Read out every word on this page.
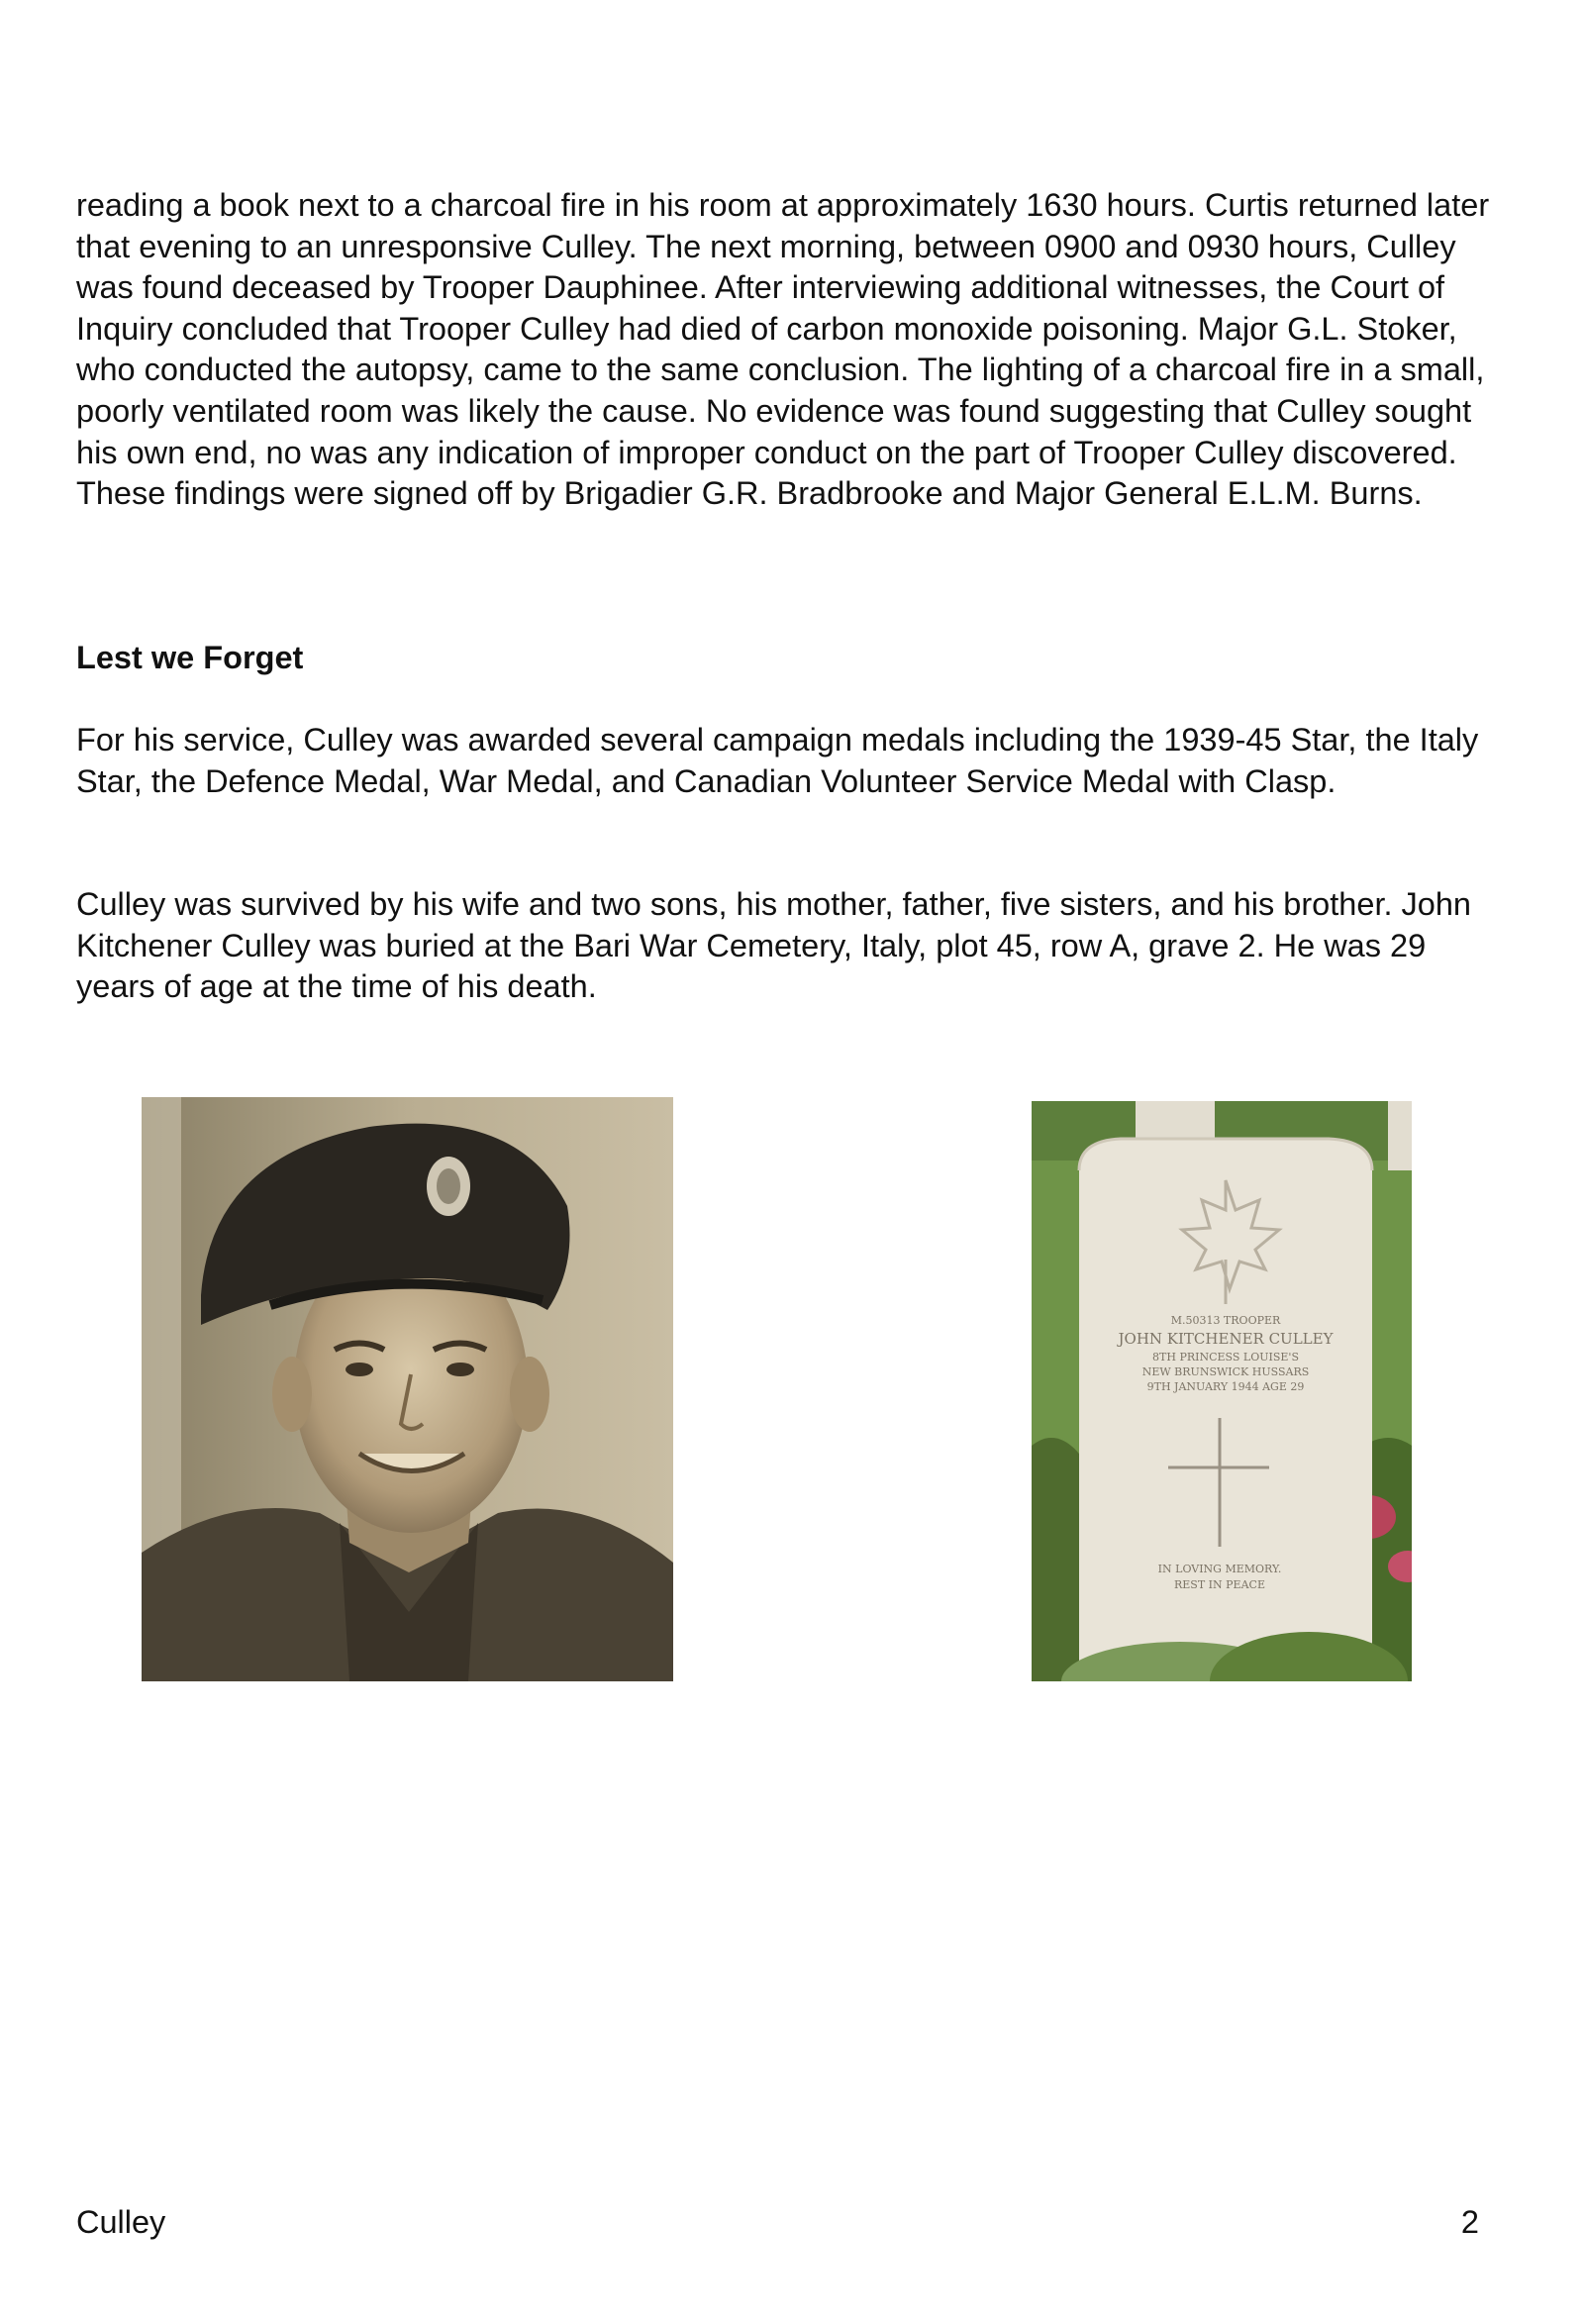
reading a book next to a charcoal fire in his room at approximately 1630 hours. Curtis returned later that evening to an unresponsive Culley. The next morning, between 0900 and 0930 hours, Culley was found deceased by Trooper Dauphinee. After interviewing additional witnesses, the Court of Inquiry concluded that Trooper Culley had died of carbon monoxide poisoning. Major G.L. Stoker, who conducted the autopsy, came to the same conclusion. The lighting of a charcoal fire in a small, poorly ventilated room was likely the cause. No evidence was found suggesting that Culley sought his own end, no was any indication of improper conduct on the part of Trooper Culley discovered. These findings were signed off by Brigadier G.R. Bradbrooke and Major General E.L.M. Burns.

Lest we Forget

For his service, Culley was awarded several campaign medals including the 1939-45 Star, the Italy Star, the Defence Medal, War Medal, and Canadian Volunteer Service Medal with Clasp.

Culley was survived by his wife and two sons, his mother, father, five sisters, and his brother. John Kitchener Culley was buried at the Bari War Cemetery, Italy, plot 45, row A, grave 2. He was 29 years of age at the time of his death.

M.50313 TROOPER
JOHN KITCHENER CULLEY
8TH PRINCESS LOUISE'S
NEW BRUNSWICK HUSSARS
9TH JANUARY 1944 AGE 29
IN LOVING MEMORY.
REST IN PEACE
Culley	2
